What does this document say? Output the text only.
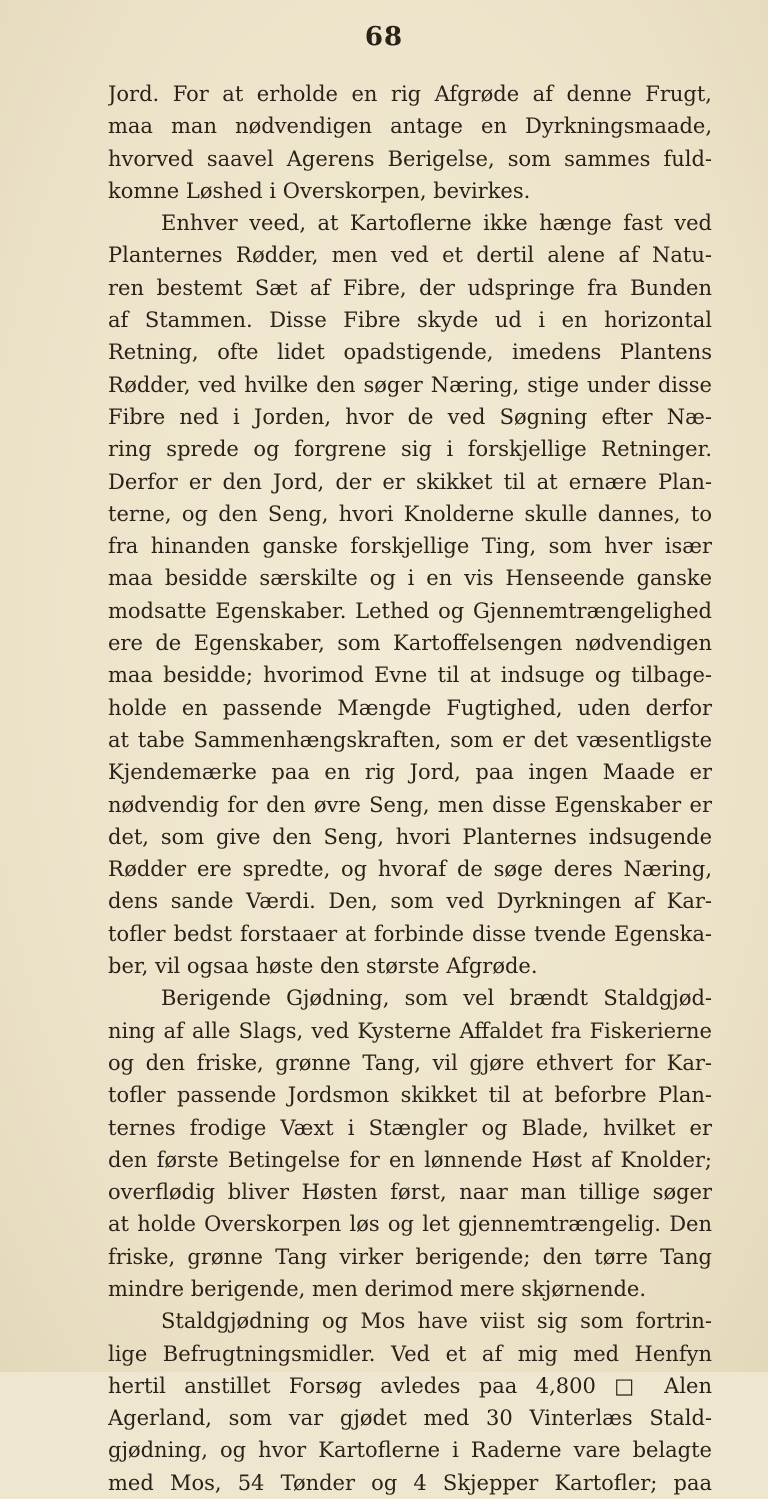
68
Jord. For at erholde en rig Afgrøde af denne Frugt,
maa man nødvendigen antage en Dyrkningsmaade,
hvorved saavel Agerens Berigelse, som sammes fuld-
komne Løshed i Overskorpen, bevirkes.
Enhver veed, at Kartoflerne ikke hænge fast ved
Planternes Rødder, men ved et dertil alene af Natu-
ren bestemt Sæt af Fibre, der udspringe fra Bunden
af Stammen. Disse Fibre skyde ud i en horizontal
Retning, ofte lidet opadstigende, imedens Plantens
Rødder, ved hvilke den søger Næring, stige under disse
Fibre ned i Jorden, hvor de ved Søgning efter Næ-
ring sprede og forgrene sig i forskjellige Retninger.
Derfor er den Jord, der er skikket til at ernære Plan-
terne, og den Seng, hvori Knolderne skulle dannes, to
fra hinanden ganske forskjellige Ting, som hver især
maa besidde særskilte og i en vis Henseende ganske
modsatte Egenskaber. Lethed og Gjennemtrængelighed
ere de Egenskaber, som Kartoffelsengen nødvendigen
maa besidde; hvorimod Evne til at indsuge og tilbage-
holde en passende Mængde Fugtighed, uden derfor
at tabe Sammenhængskraften, som er det væsentligste
Kjendemærke paa en rig Jord, paa ingen Maade er
nødvendig for den øvre Seng, men disse Egenskaber er
det, som give den Seng, hvori Planternes indsugende
Rødder ere spredte, og hvoraf de søge deres Næring,
dens sande Værdi. Den, som ved Dyrkningen af Kar-
tofler bedst forstaaer at forbinde disse tvende Egenska-
ber, vil ogsaa høste den største Afgrøde.
Berigende Gjødning, som vel brændt Staldgjød-
ning af alle Slags, ved Kysterne Affaldet fra Fiskerierne
og den friske, grønne Tang, vil gjøre ethvert for Kar-
tofler passende Jordsmon skikket til at beforbre Plan-
ternes frodige Væxt i Stængler og Blade, hvilket er
den første Betingelse for en lønnende Høst af Knolder;
overflødig bliver Høsten først, naar man tillige søger
at holde Overskorpen løs og let gjennemtrængelig. Den
friske, grønne Tang virker berigende; den tørre Tang
mindre berigende, men derimod mere skjørnende.
Staldgjødning og Mos have viist sig som fortrin-
lige Befrugtningsmidler. Ved et af mig med Henfyn
hertil anstillet Forsøg avledes paa 4,800 □ Alen
Agerland, som var gjødet med 30 Vinterlæs Stald-
gjødning, og hvor Kartoflerne i Raderne vare belagte
med Mos, 54 Tønder og 4 Skjepper Kartofler; paa
